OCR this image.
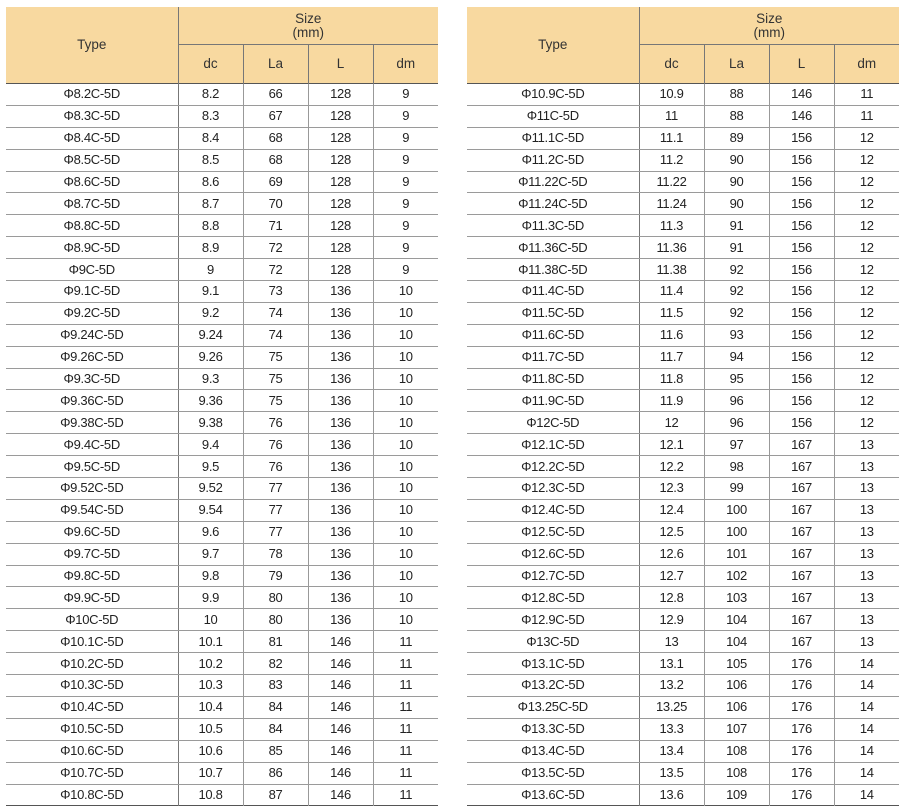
Type	Size
(mm)			
	dc	La	L	dm
Φ8.2C-5D	8.2	66	128	9
Φ8.3C-5D	8.3	67	128	9
Φ8.4C-5D	8.4	68	128	9
Φ8.5C-5D	8.5	68	128	9
Φ8.6C-5D	8.6	69	128	9
Φ8.7C-5D	8.7	70	128	9
Φ8.8C-5D	8.8	71	128	9
Φ8.9C-5D	8.9	72	128	9
Φ9C-5D	9	72	128	9
Φ9.1C-5D	9.1	73	136	10
Φ9.2C-5D	9.2	74	136	10
Φ9.24C-5D	9.24	74	136	10
Φ9.26C-5D	9.26	75	136	10
Φ9.3C-5D	9.3	75	136	10
Φ9.36C-5D	9.36	75	136	10
Φ9.38C-5D	9.38	76	136	10
Φ9.4C-5D	9.4	76	136	10
Φ9.5C-5D	9.5	76	136	10
Φ9.52C-5D	9.52	77	136	10
Φ9.54C-5D	9.54	77	136	10
Φ9.6C-5D	9.6	77	136	10
Φ9.7C-5D	9.7	78	136	10
Φ9.8C-5D	9.8	79	136	10
Φ9.9C-5D	9.9	80	136	10
Φ10C-5D	10	80	136	10
Φ10.1C-5D	10.1	81	146	11
Φ10.2C-5D	10.2	82	146	11
Φ10.3C-5D	10.3	83	146	11
Φ10.4C-5D	10.4	84	146	11
Φ10.5C-5D	10.5	84	146	11
Φ10.6C-5D	10.6	85	146	11
Φ10.7C-5D	10.7	86	146	11
Φ10.8C-5D	10.8	87	146	11
Type	Size
(mm)			
	dc	La	L	dm
Φ10.9C-5D	10.9	88	146	11
Φ11C-5D	11	88	146	11
Φ11.1C-5D	11.1	89	156	12
Φ11.2C-5D	11.2	90	156	12
Φ11.22C-5D	11.22	90	156	12
Φ11.24C-5D	11.24	90	156	12
Φ11.3C-5D	11.3	91	156	12
Φ11.36C-5D	11.36	91	156	12
Φ11.38C-5D	11.38	92	156	12
Φ11.4C-5D	11.4	92	156	12
Φ11.5C-5D	11.5	92	156	12
Φ11.6C-5D	11.6	93	156	12
Φ11.7C-5D	11.7	94	156	12
Φ11.8C-5D	11.8	95	156	12
Φ11.9C-5D	11.9	96	156	12
Φ12C-5D	12	96	156	12
Φ12.1C-5D	12.1	97	167	13
Φ12.2C-5D	12.2	98	167	13
Φ12.3C-5D	12.3	99	167	13
Φ12.4C-5D	12.4	100	167	13
Φ12.5C-5D	12.5	100	167	13
Φ12.6C-5D	12.6	101	167	13
Φ12.7C-5D	12.7	102	167	13
Φ12.8C-5D	12.8	103	167	13
Φ12.9C-5D	12.9	104	167	13
Φ13C-5D	13	104	167	13
Φ13.1C-5D	13.1	105	176	14
Φ13.2C-5D	13.2	106	176	14
Φ13.25C-5D	13.25	106	176	14
Φ13.3C-5D	13.3	107	176	14
Φ13.4C-5D	13.4	108	176	14
Φ13.5C-5D	13.5	108	176	14
Φ13.6C-5D	13.6	109	176	14
